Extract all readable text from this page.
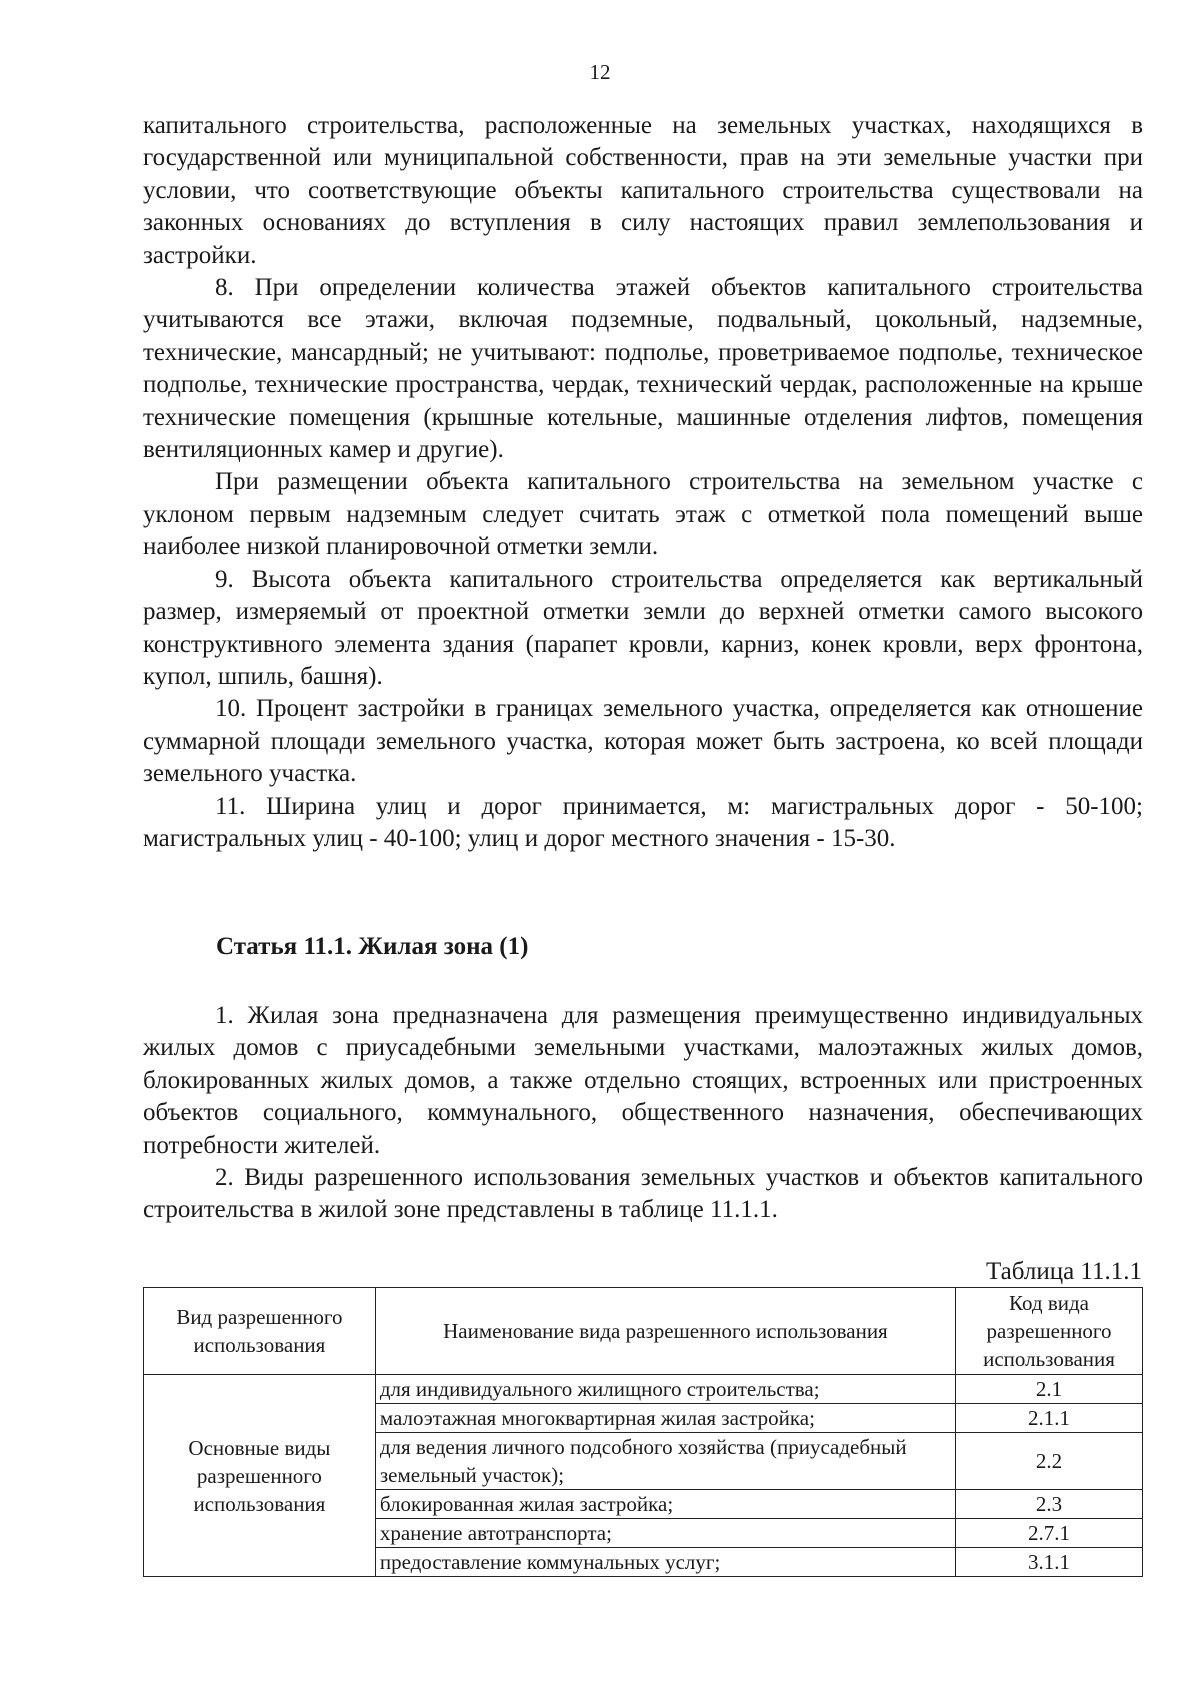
12

капитального строительства, расположенные на земельных участках, находящихся в государственной или муниципальной собственности, прав на эти земельные участки при условии, что соответствующие объекты капитального строительства существовали на законных основаниях до вступления в силу настоящих правил землепользования и застройки.

8. При определении количества этажей объектов капитального строительства учитываются все этажи, включая подземные, подвальный, цокольный, надземные, технические, мансардный; не учитывают: подполье, проветриваемое подполье, техническое подполье, технические пространства, чердак, технический чердак, расположенные на крыше технические помещения (крышные котельные, машинные отделения лифтов, помещения вентиляционных камер и другие).

При размещении объекта капитального строительства на земельном участке с уклоном первым надземным следует считать этаж с отметкой пола помещений выше наиболее низкой планировочной отметки земли.

9. Высота объекта капитального строительства определяется как вертикальный размер, измеряемый от проектной отметки земли до верхней отметки самого высокого конструктивного элемента здания (парапет кровли, карниз, конек кровли, верх фронтона, купол, шпиль, башня).

10. Процент застройки в границах земельного участка, определяется как отношение суммарной площади земельного участка, которая может быть застроена, ко всей площади земельного участка.

11. Ширина улиц и дорог принимается, м: магистральных дорог - 50-100; магистральных улиц - 40-100; улиц и дорог местного значения - 15-30.

Статья 11.1. Жилая зона (1)

1. Жилая зона предназначена для размещения преимущественно индивидуальных жилых домов с приусадебными земельными участками, малоэтажных жилых домов, блокированных жилых домов, а также отдельно стоящих, встроенных или пристроенных объектов социального, коммунального, общественного назначения, обеспечивающих потребности жителей.

2. Виды разрешенного использования земельных участков и объектов капитального строительства в жилой зоне представлены в таблице 11.1.1.

Таблица 11.1.1

Вид разрешенного использования	Наименование вида разрешенного использования	Код вида разрешенного использования
Основные виды разрешенного использования	для индивидуального жилищного строительства;	2.1
	малоэтажная многоквартирная жилая застройка;	2.1.1
	для ведения личного подсобного хозяйства (приусадебный земельный участок);	2.2
	блокированная жилая застройка;	2.3
	хранение автотранспорта;	2.7.1
	предоставление коммунальных услуг;	3.1.1
